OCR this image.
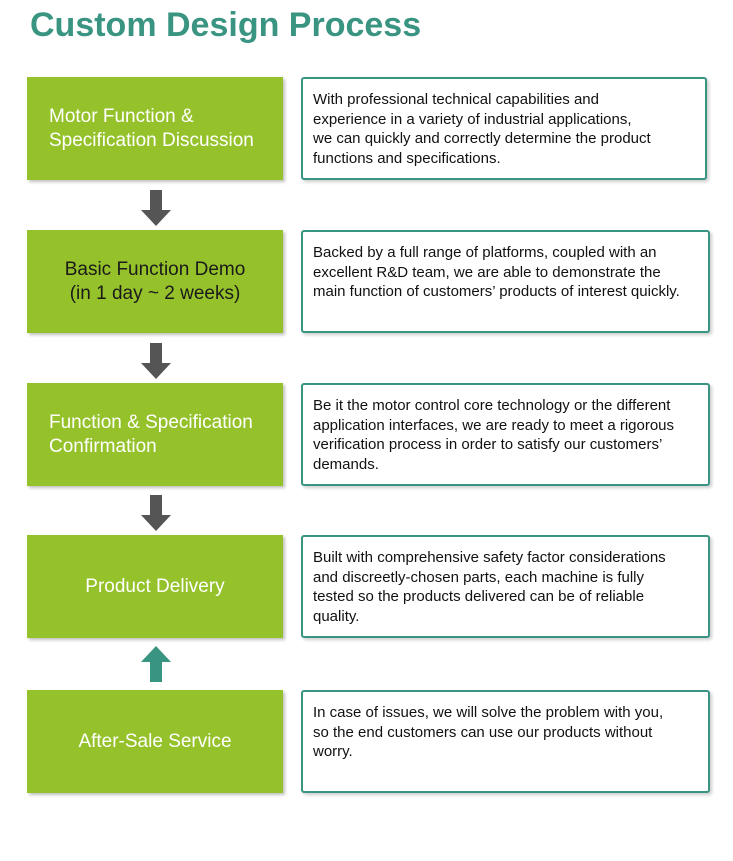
Custom Design Process
Motor Function &
Specification Discussion
With professional technical capabilities and
experience in a variety of industrial applications,
we can quickly and correctly determine the product
functions and specifications.
Basic Function Demo
(in 1 day ~ 2 weeks)
Backed by a full range of platforms, coupled with an
excellent R&D team, we are able to demonstrate the
main function of customers’ products of interest quickly.
Function & Specification
Confirmation
Be it the motor control core technology or the different
application interfaces, we are ready to meet a rigorous
verification process in order to satisfy our customers’
demands.
Product Delivery
Built with comprehensive safety factor considerations
and discreetly-chosen parts, each machine is fully
tested so the products delivered can be of reliable
quality.
After-Sale Service
In case of issues, we will solve the problem with you,
so the end customers can use our products without
worry.
